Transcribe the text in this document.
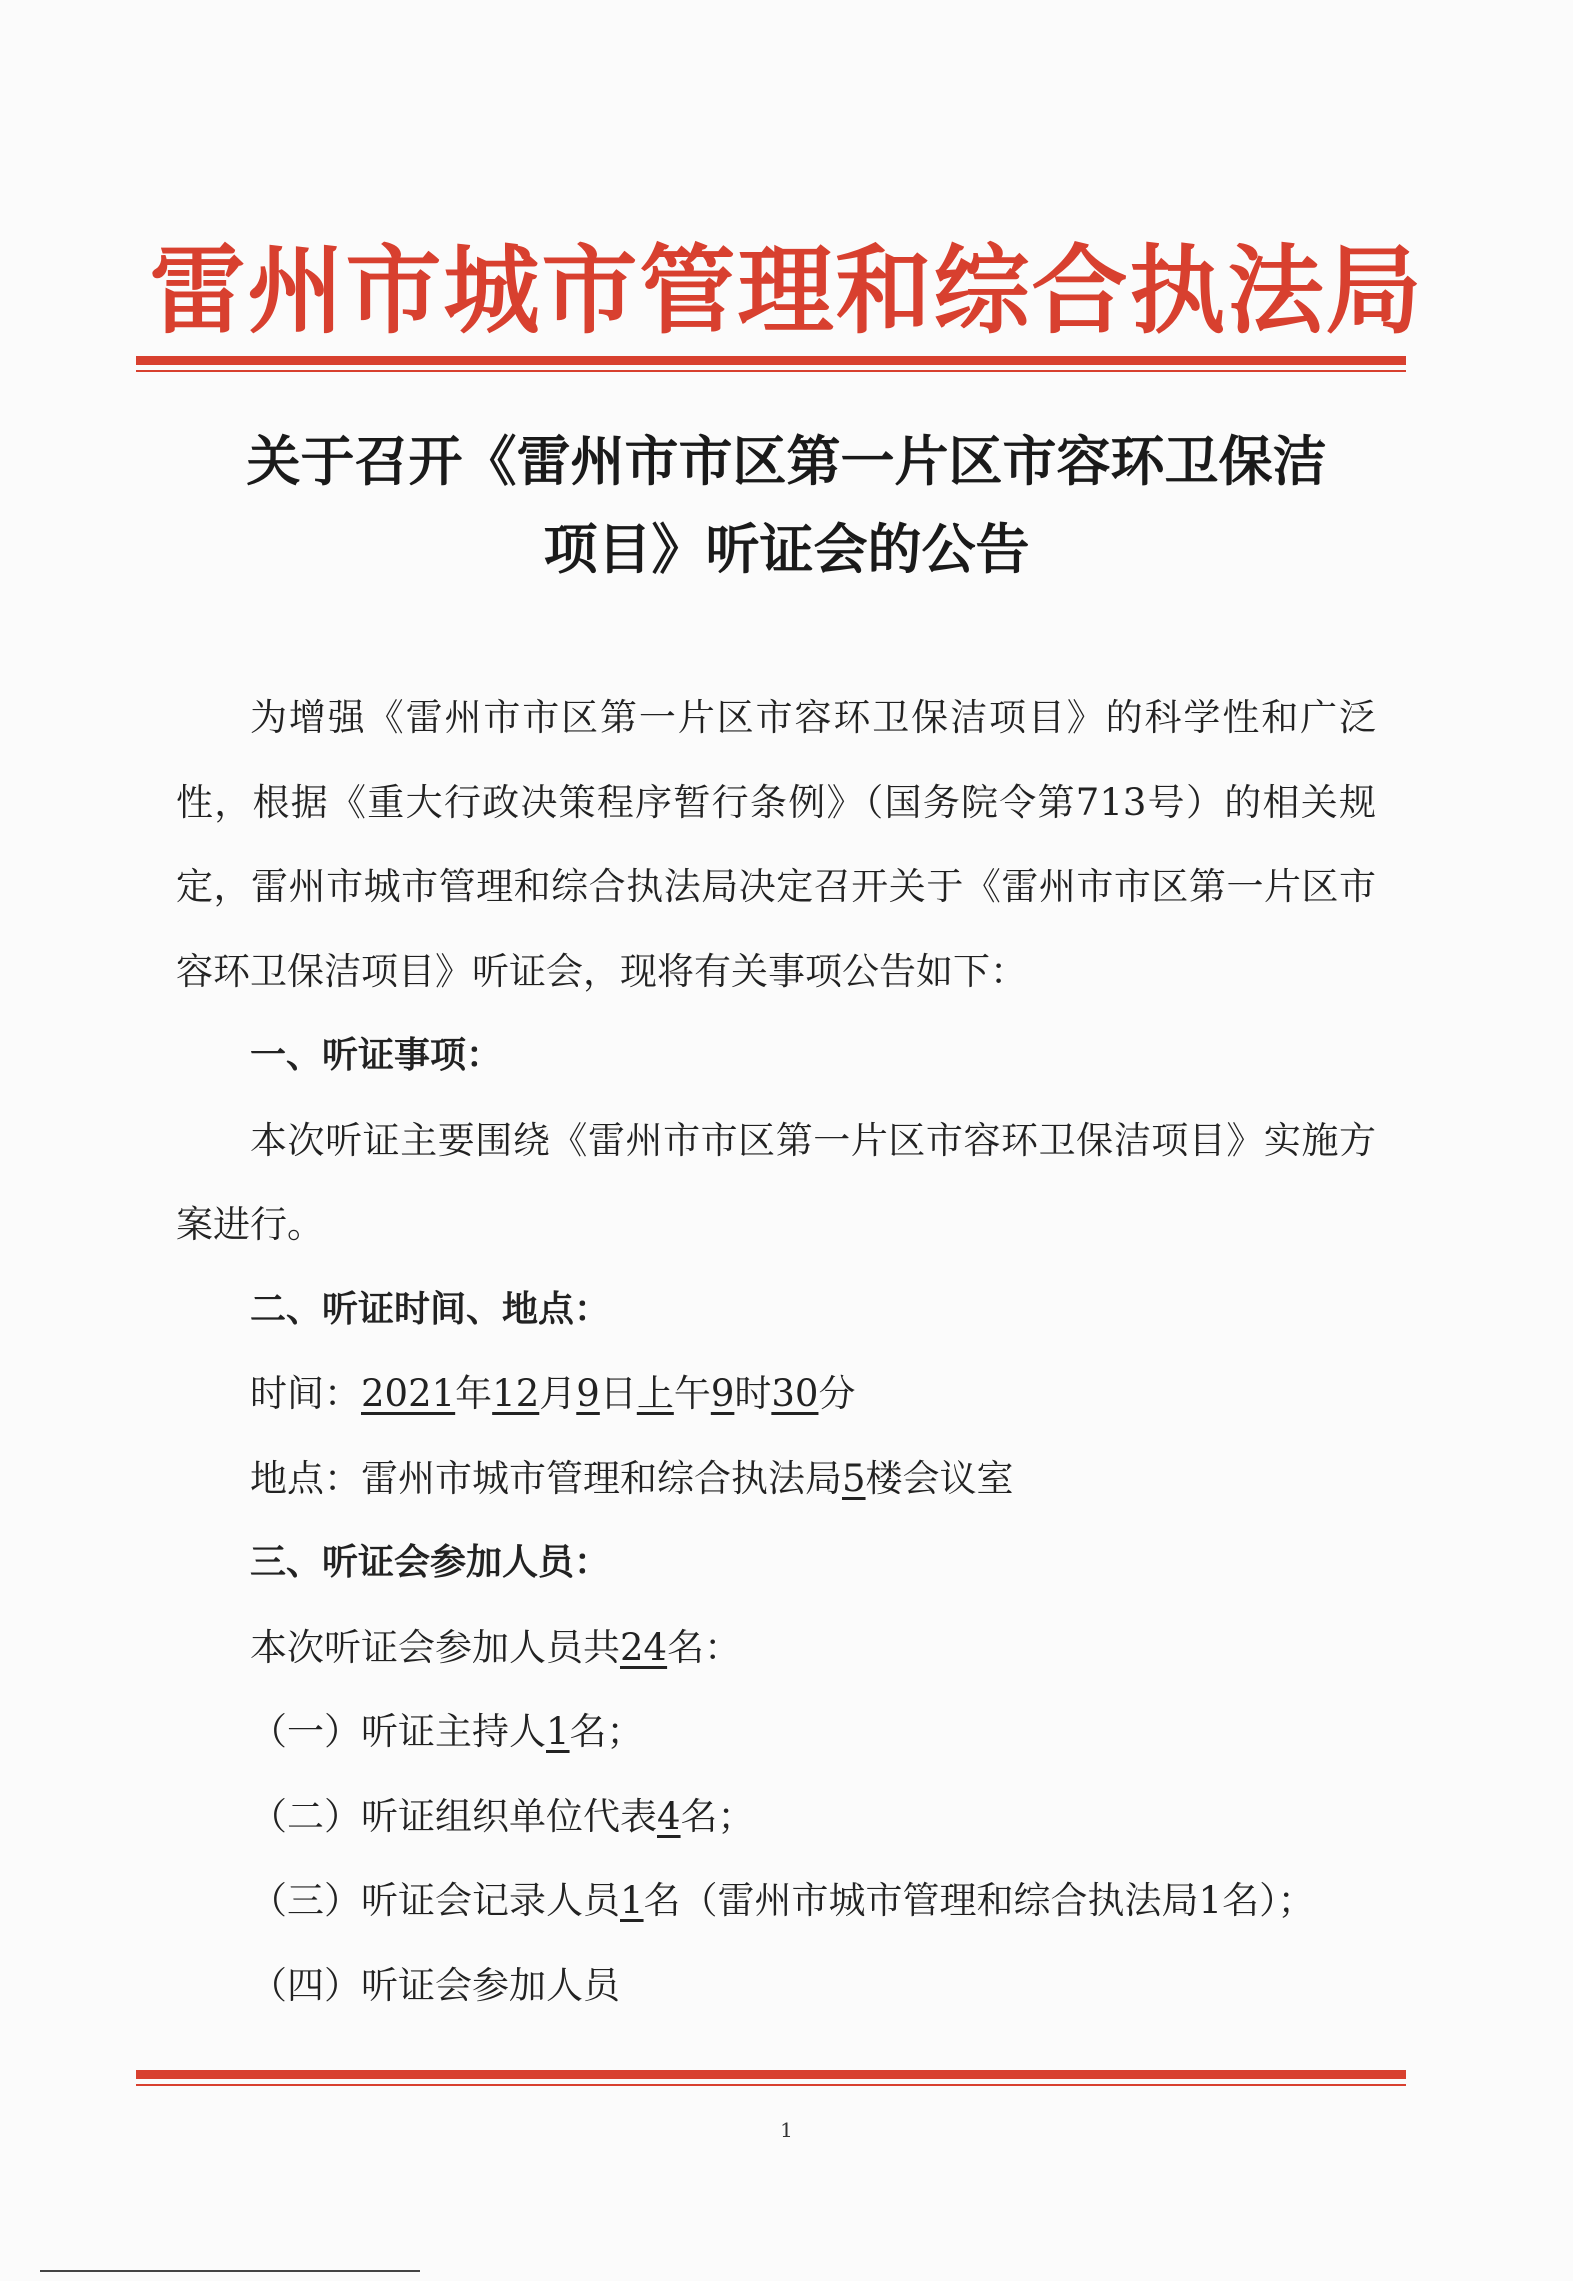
雷州市城市管理和综合执法局
关于召开《雷州市市区第一片区市容环卫保洁
项目》听证会的公告

为增强《雷州市市区第一片区市容环卫保洁项目》的科学性和广泛性，根据《重大行政决策程序暂行条例》（国务院令第713号）的相关规定，雷州市城市管理和综合执法局决定召开关于《雷州市市区第一片区市容环卫保洁项目》听证会，现将有关事项公告如下：

一、听证事项：

本次听证主要围绕《雷州市市区第一片区市容环卫保洁项目》实施方案进行。

二、听证时间、地点：
时间：2021年12月9日上午9时30分
地点：雷州市城市管理和综合执法局5楼会议室
三、听证会参加人员：
本次听证会参加人员共24名：
（一）听证主持人1名；
（二）听证组织单位代表4名；
（三）听证会记录人员1名（雷州市城市管理和综合执法局1名）；
（四）听证会参加人员
1
